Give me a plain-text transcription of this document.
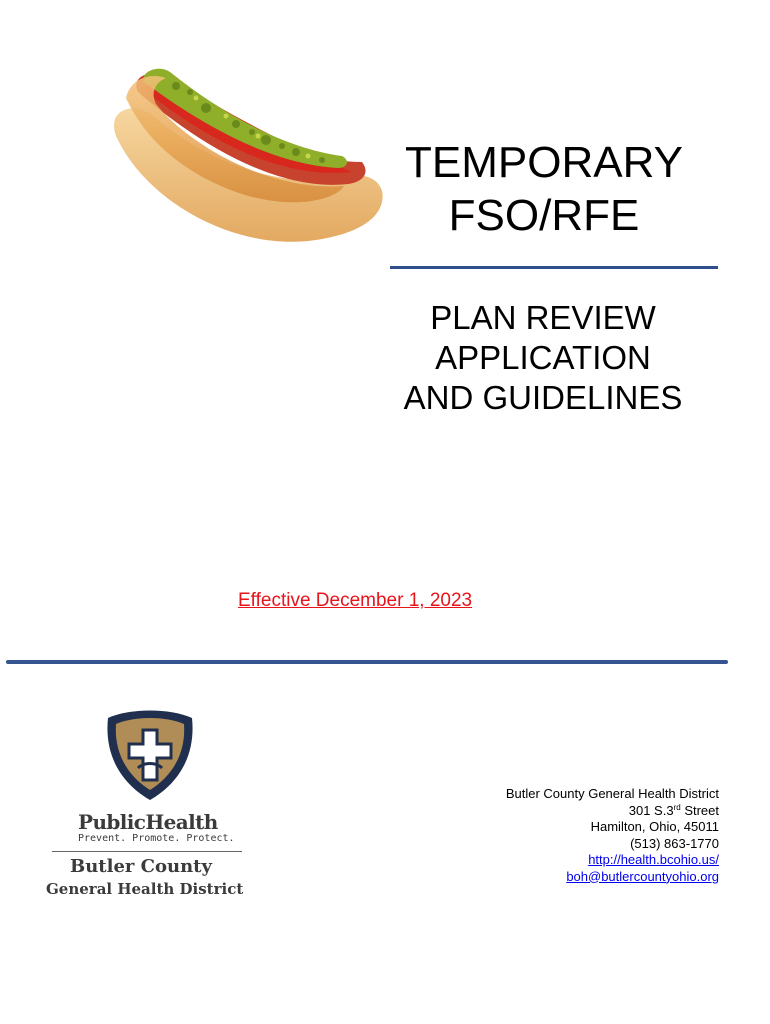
TEMPORARY
FSO/RFE
PLAN REVIEW
APPLICATION
AND GUIDELINES
Effective December 1, 2023
PublicHealth
Prevent. Promote. Protect.
Butler County
General Health District
Butler County General Health District
301 S.3rd Street
Hamilton, Ohio, 45011
(513) 863-1770
http://health.bcohio.us/
boh@butlercountyohio.org
